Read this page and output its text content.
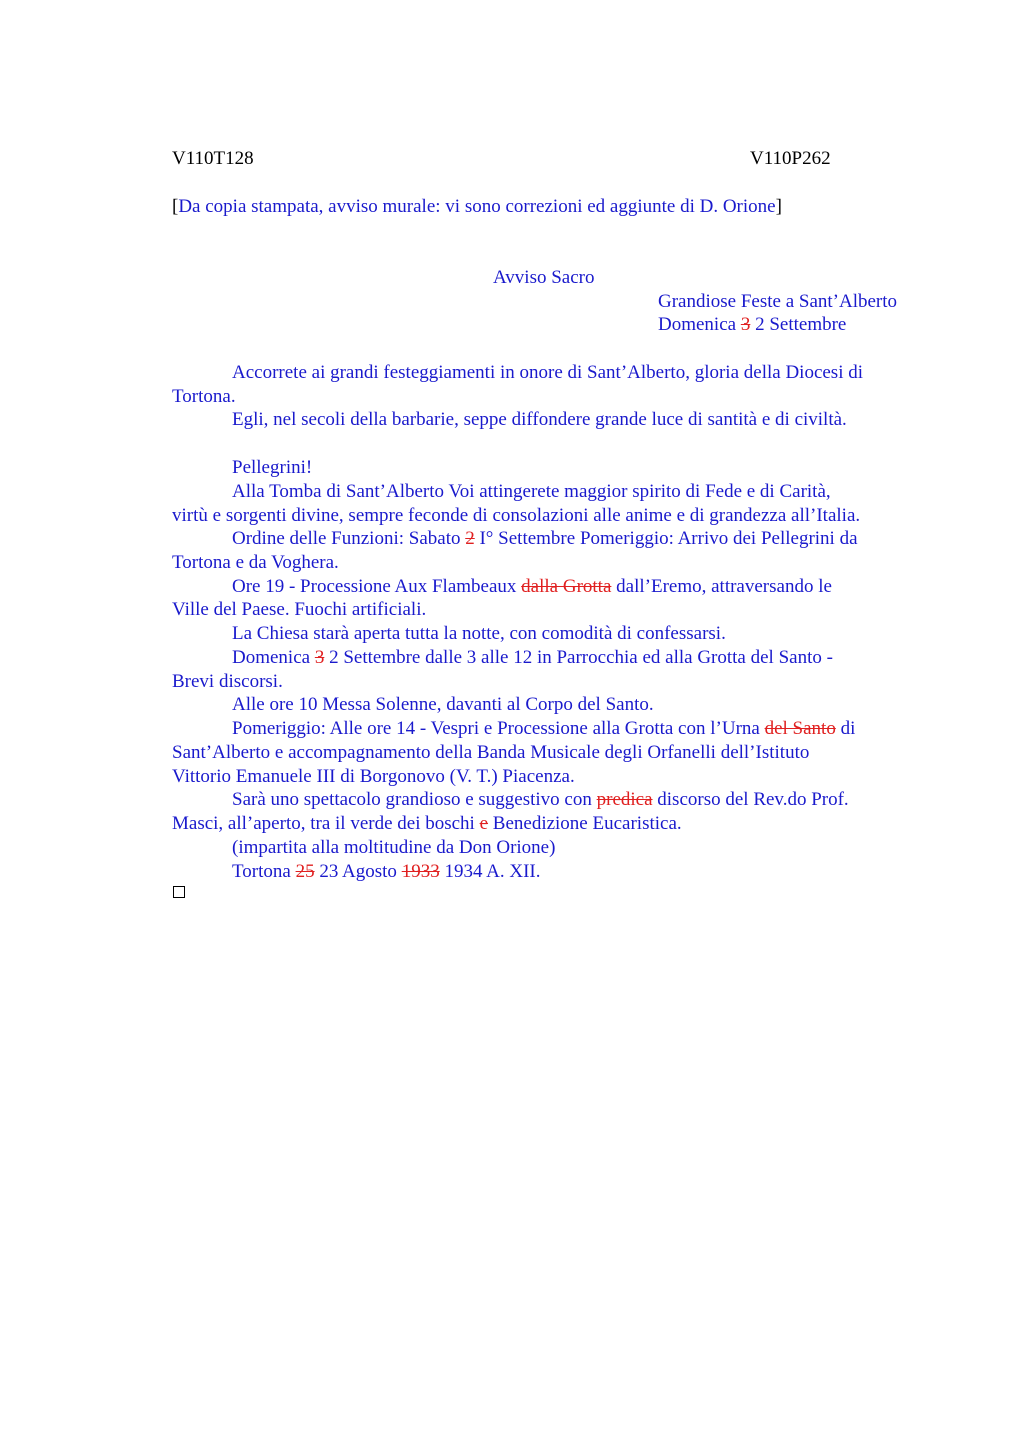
V110T128	V110P262
[Da copia stampata, avviso murale: vi sono correzioni ed aggiunte di D. Orione]
Avviso Sacro
Grandiose Feste a Sant’Alberto
Domenica 3 2 Settembre
Accorrete ai grandi festeggiamenti in onore di Sant’Alberto, gloria della Diocesi di
Tortona.
Egli, nel secoli della barbarie, seppe diffondere grande luce di santità e di civiltà.
Pellegrini!
Alla Tomba di Sant’Alberto Voi attingerete maggior spirito di Fede e di Carità,
virtù e sorgenti divine, sempre feconde di consolazioni alle anime e di grandezza all’Italia.
Ordine delle Funzioni: Sabato 2 I° Settembre Pomeriggio: Arrivo dei Pellegrini da
Tortona e da Voghera.
Ore 19 - Processione Aux Flambeaux dalla Grotta dall’Eremo, attraversando le
Ville del Paese. Fuochi artificiali.
La Chiesa starà aperta tutta la notte, con comodità di confessarsi.
Domenica 3 2 Settembre dalle 3 alle 12 in Parrocchia ed alla Grotta del Santo -
Brevi discorsi.
Alle ore 10 Messa Solenne, davanti al Corpo del Santo.
Pomeriggio: Alle ore 14 - Vespri e Processione alla Grotta con l’Urna del Santo di
Sant’Alberto e accompagnamento della Banda Musicale degli Orfanelli dell’Istituto
Vittorio Emanuele III di Borgonovo (V. T.) Piacenza.
Sarà uno spettacolo grandioso e suggestivo con predica discorso del Rev.do Prof.
Masci, all’aperto, tra il verde dei boschi e Benedizione Eucaristica.
(impartita alla moltitudine da Don Orione)
Tortona 25 23 Agosto 1933 1934 A. XII.
